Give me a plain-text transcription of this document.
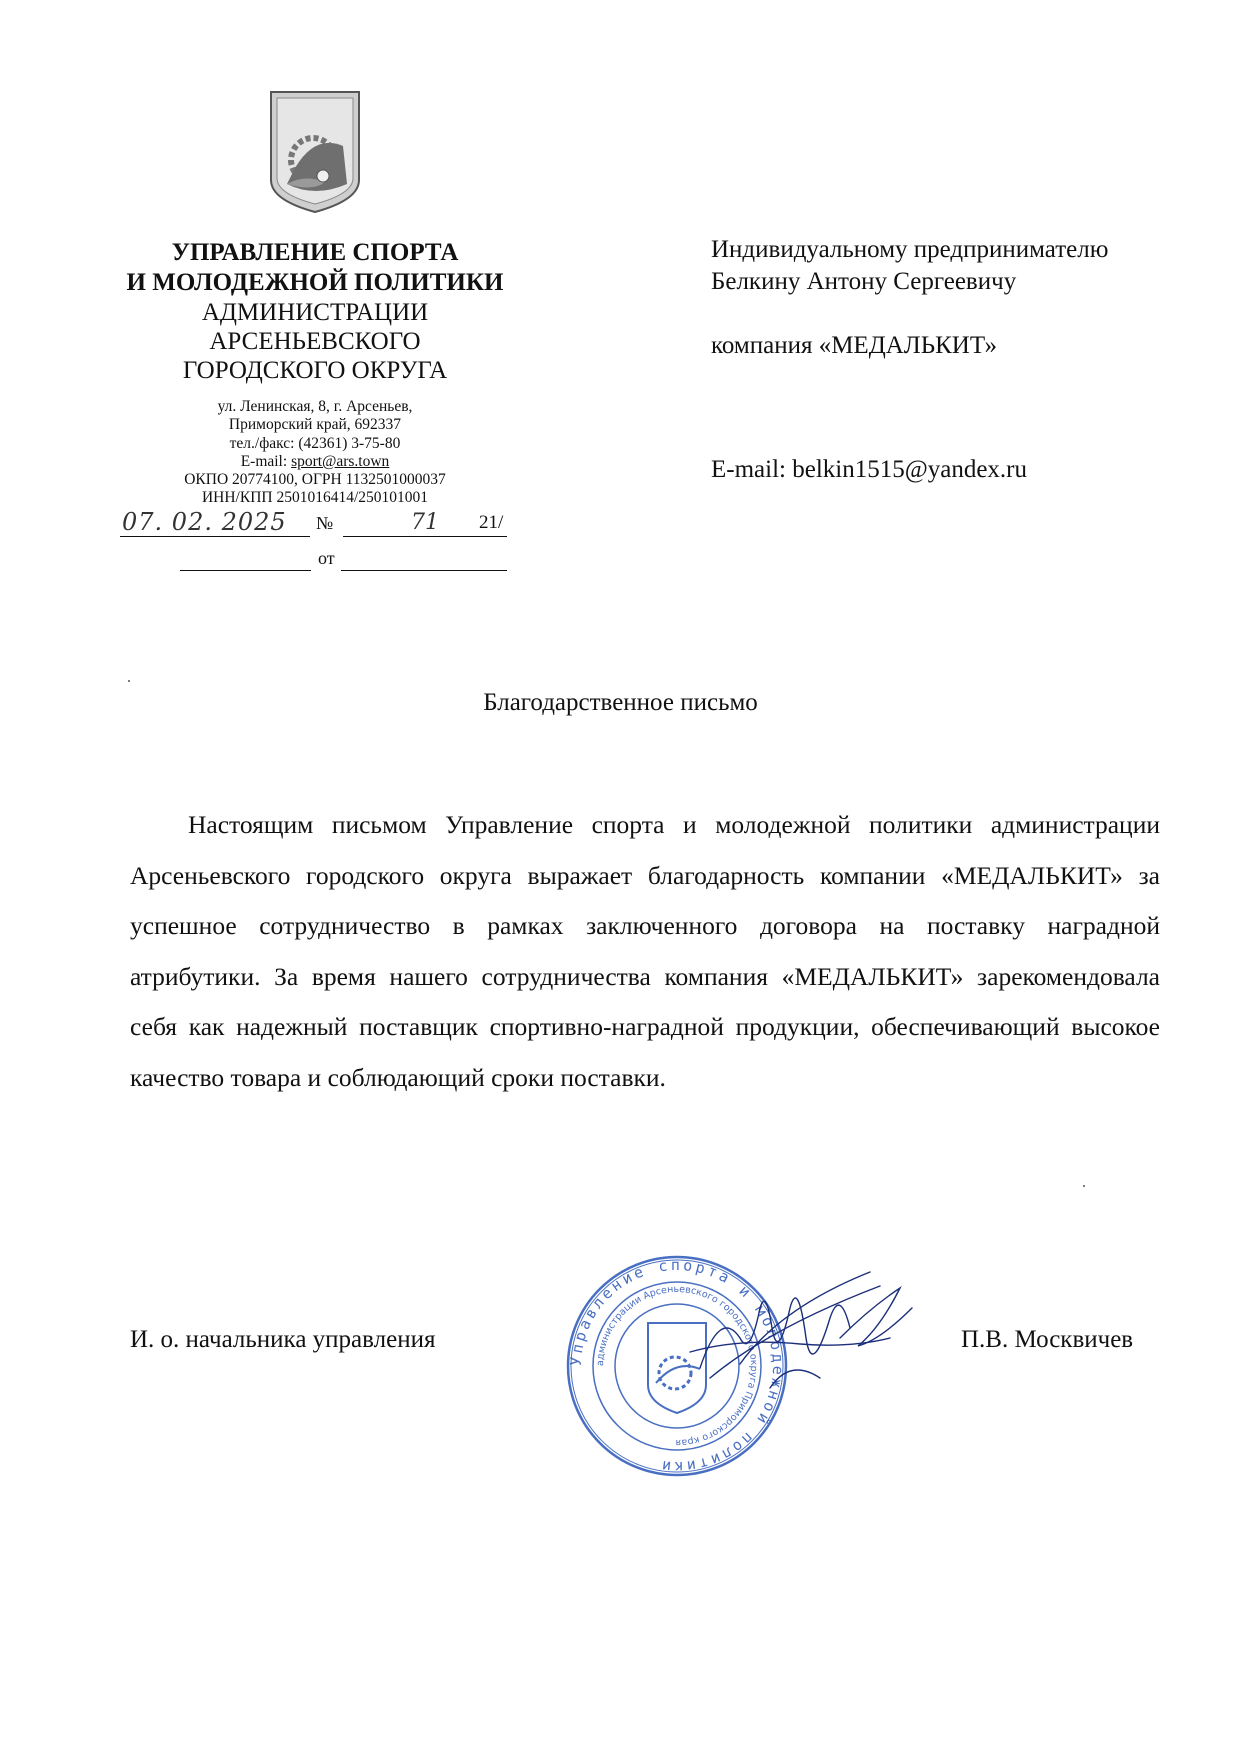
УПРАВЛЕНИЕ СПОРТА
И МОЛОДЕЖНОЙ ПОЛИТИКИ
АДМИНИСТРАЦИИ
АРСЕНЬЕВСКОГО
ГОРОДСКОГО ОКРУГА
ул. Ленинская, 8, г. Арсеньев,
Приморский край, 692337
тел./факс: (42361) 3-75-80
E-mail: sport@ars.town
ОКПО 20774100, ОГРН 1132501000037
ИНН/КПП 2501016414/250101001
07. 02. 2025 №	21/
71
от
Индивидуальному предпринимателю
Белкину Антону Сергеевичу
компания «МЕДАЛЬКИТ»
E-mail: belkin1515@yandex.ru
Благодарственное письмо
Настоящим письмом Управление спорта и молодежной политики администрации Арсеньевского городского округа выражает благодарность компании «МЕДАЛЬКИТ» за успешное сотрудничество в рамках заключенного договора на поставку наградной атрибутики. За время нашего сотрудничества компания «МЕДАЛЬКИТ» зарекомендовала себя как надежный поставщик спортивно-наградной продукции, обеспечивающий высокое качество товара и соблюдающий сроки поставки.
И. о. начальника управления	П.В. Москвичев
Управление спорта и молодежной политики
администрации Арсеньевского городского округа Приморского края
